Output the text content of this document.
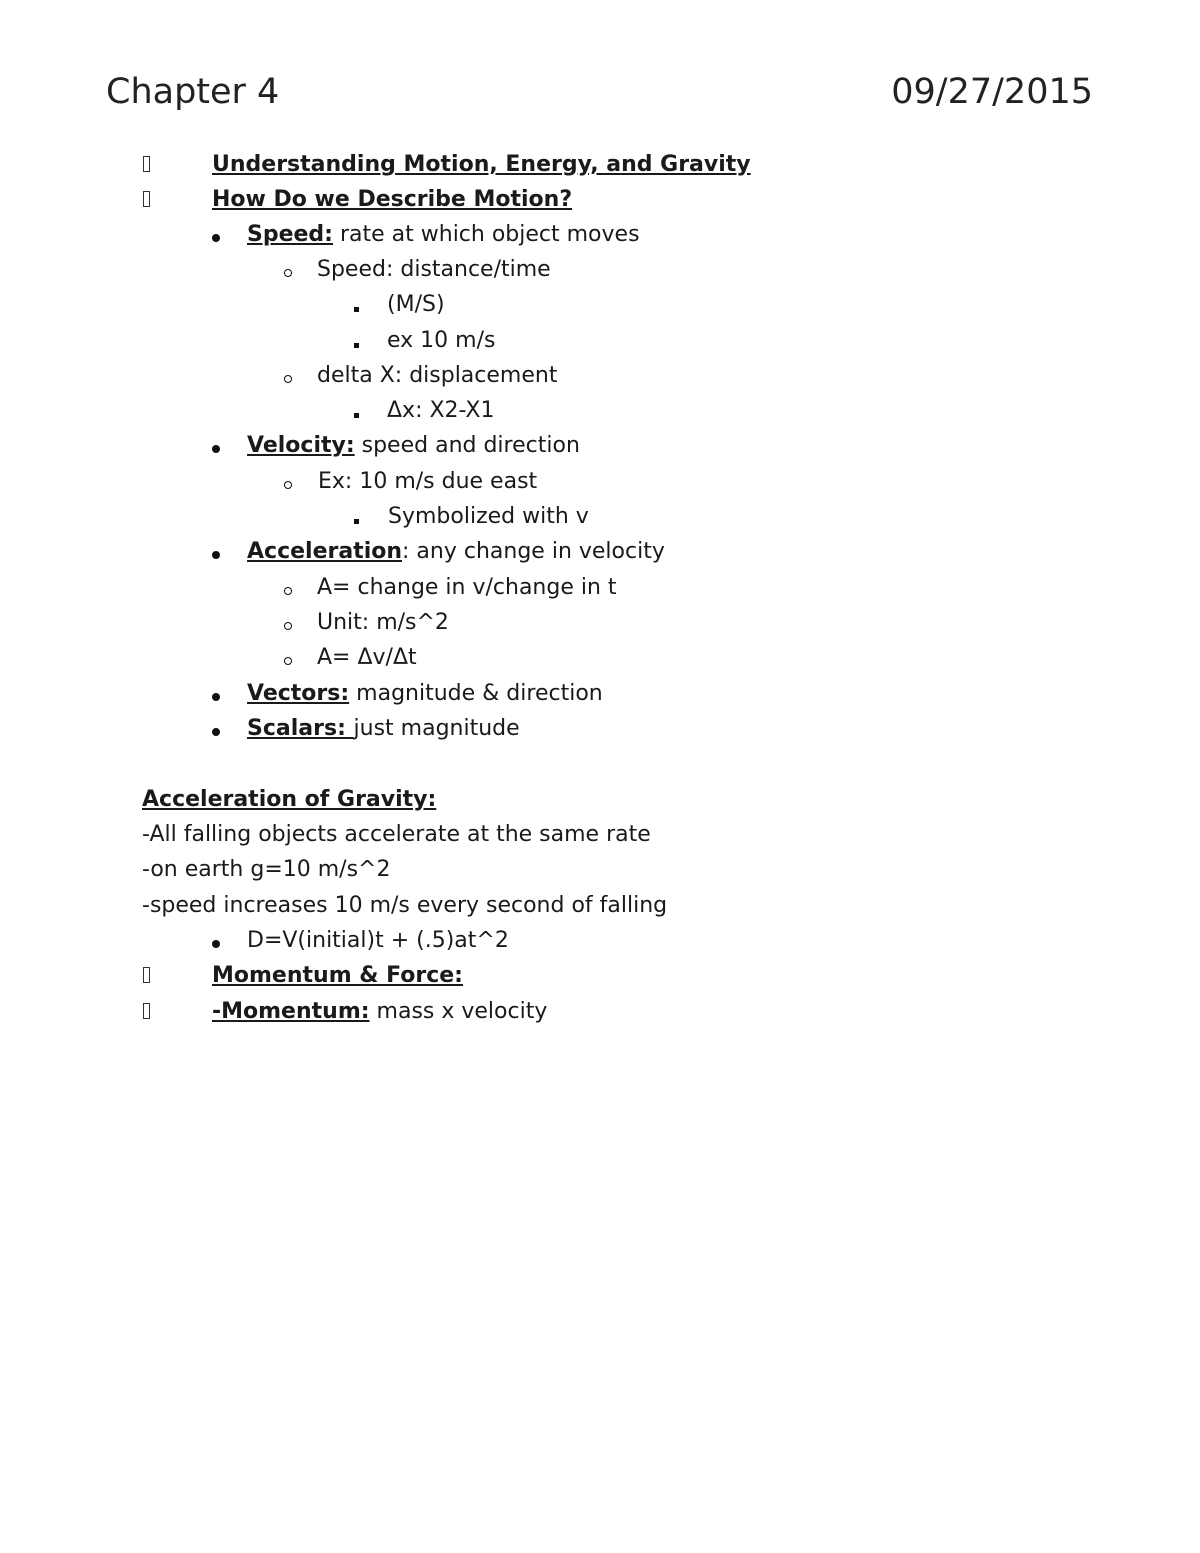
Chapter 4	09/27/2015
Understanding Motion, Energy, and Gravity
How Do we Describe Motion?
Speed: rate at which object moves
Speed: distance/time
(M/S)
ex 10 m/s
delta X: displacement
Δx: X2-X1
Velocity: speed and direction
Ex: 10 m/s due east
Symbolized with v
Acceleration: any change in velocity
A= change in v/change in t
Unit: m/s^2
A= Δv/Δt
Vectors: magnitude & direction
Scalars: just magnitude
Acceleration of Gravity:
-All falling objects accelerate at the same rate
-on earth g=10 m/s^2
-speed increases 10 m/s every second of falling
D=V(initial)t + (.5)at^2
Momentum & Force:
-Momentum: mass x velocity
